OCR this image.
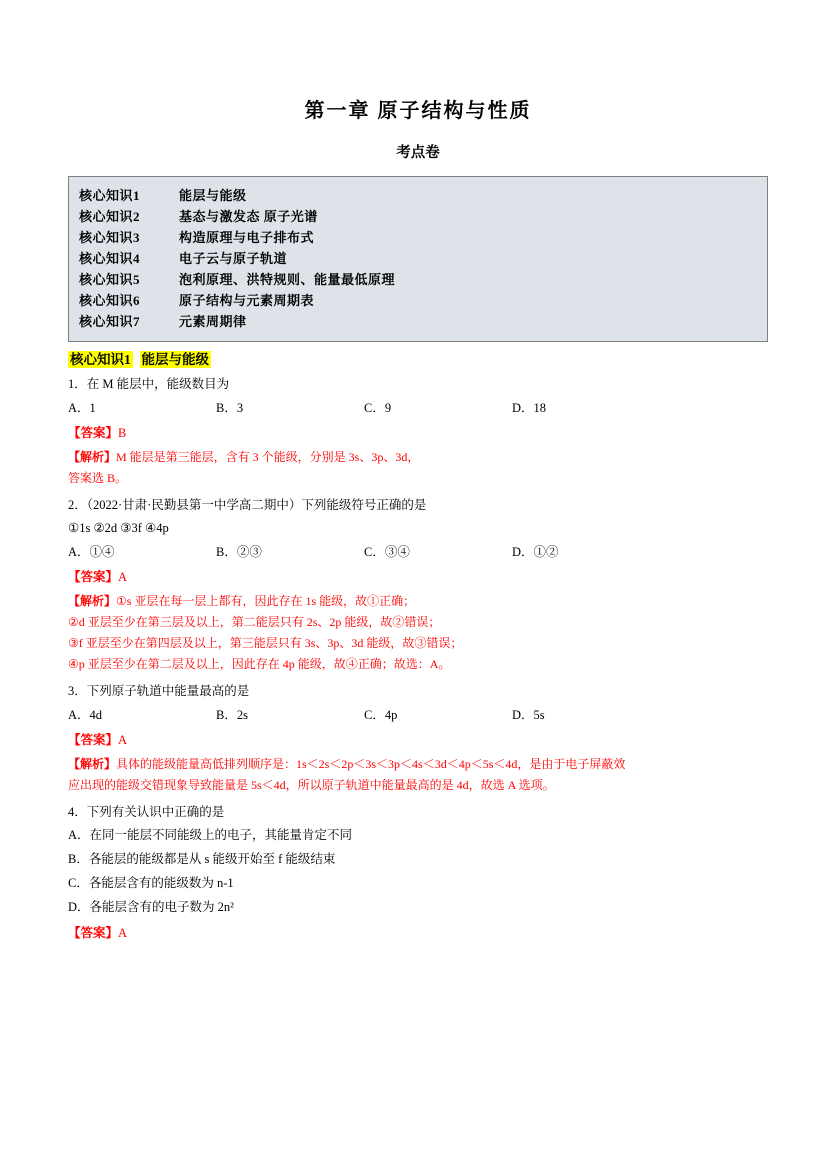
第一章 原子结构与性质
考点卷
核心知识1	能层与能级
核心知识2	基态与激发态 原子光谱
核心知识3	构造原理与电子排布式
核心知识4	电子云与原子轨道
核心知识5	泡利原理、洪特规则、能量最低原理
核心知识6	原子结构与元素周期表
核心知识7	元素周期律
核心知识1 能层与能级
1．在 M 能层中，能级数目为
A．1	B．3	C．9	D．18
【答案】B
【解析】M 能层是第三能层，含有 3 个能级，分别是 3s、3p、3d，
答案选 B。
2．（2022·甘肃·民勤县第一中学高二期中）下列能级符号正确的是
①1s ②2d ③3f ④4p
A．①④	B．②③	C．③④	D．①②
【答案】A
【解析】①s 亚层在每一层上都有，因此存在 1s 能级，故①正确；
②d 亚层至少在第三层及以上，第二能层只有 2s、2p 能级，故②错误；
③f 亚层至少在第四层及以上，第三能层只有 3s、3p、3d 能级，故③错误；
④p 亚层至少在第二层及以上，因此存在 4p 能级，故④正确；故选：A。
3．下列原子轨道中能量最高的是
A．4d	B．2s	C．4p	D．5s
【答案】A
【解析】具体的能级能量高低排列顺序是：1s＜2s＜2p＜3s＜3p＜4s＜3d＜4p＜5s＜4d，是由于电子屏蔽效
应出现的能级交错现象导致能量是 5s＜4d，所以原子轨道中能量最高的是 4d，故选 A 选项。
4．下列有关认识中正确的是
A．在同一能层不同能级上的电子，其能量肯定不同
B．各能层的能级都是从 s 能级开始至 f 能级结束
C．各能层含有的能级数为 n-1
D．各能层含有的电子数为 2n²
【答案】A
